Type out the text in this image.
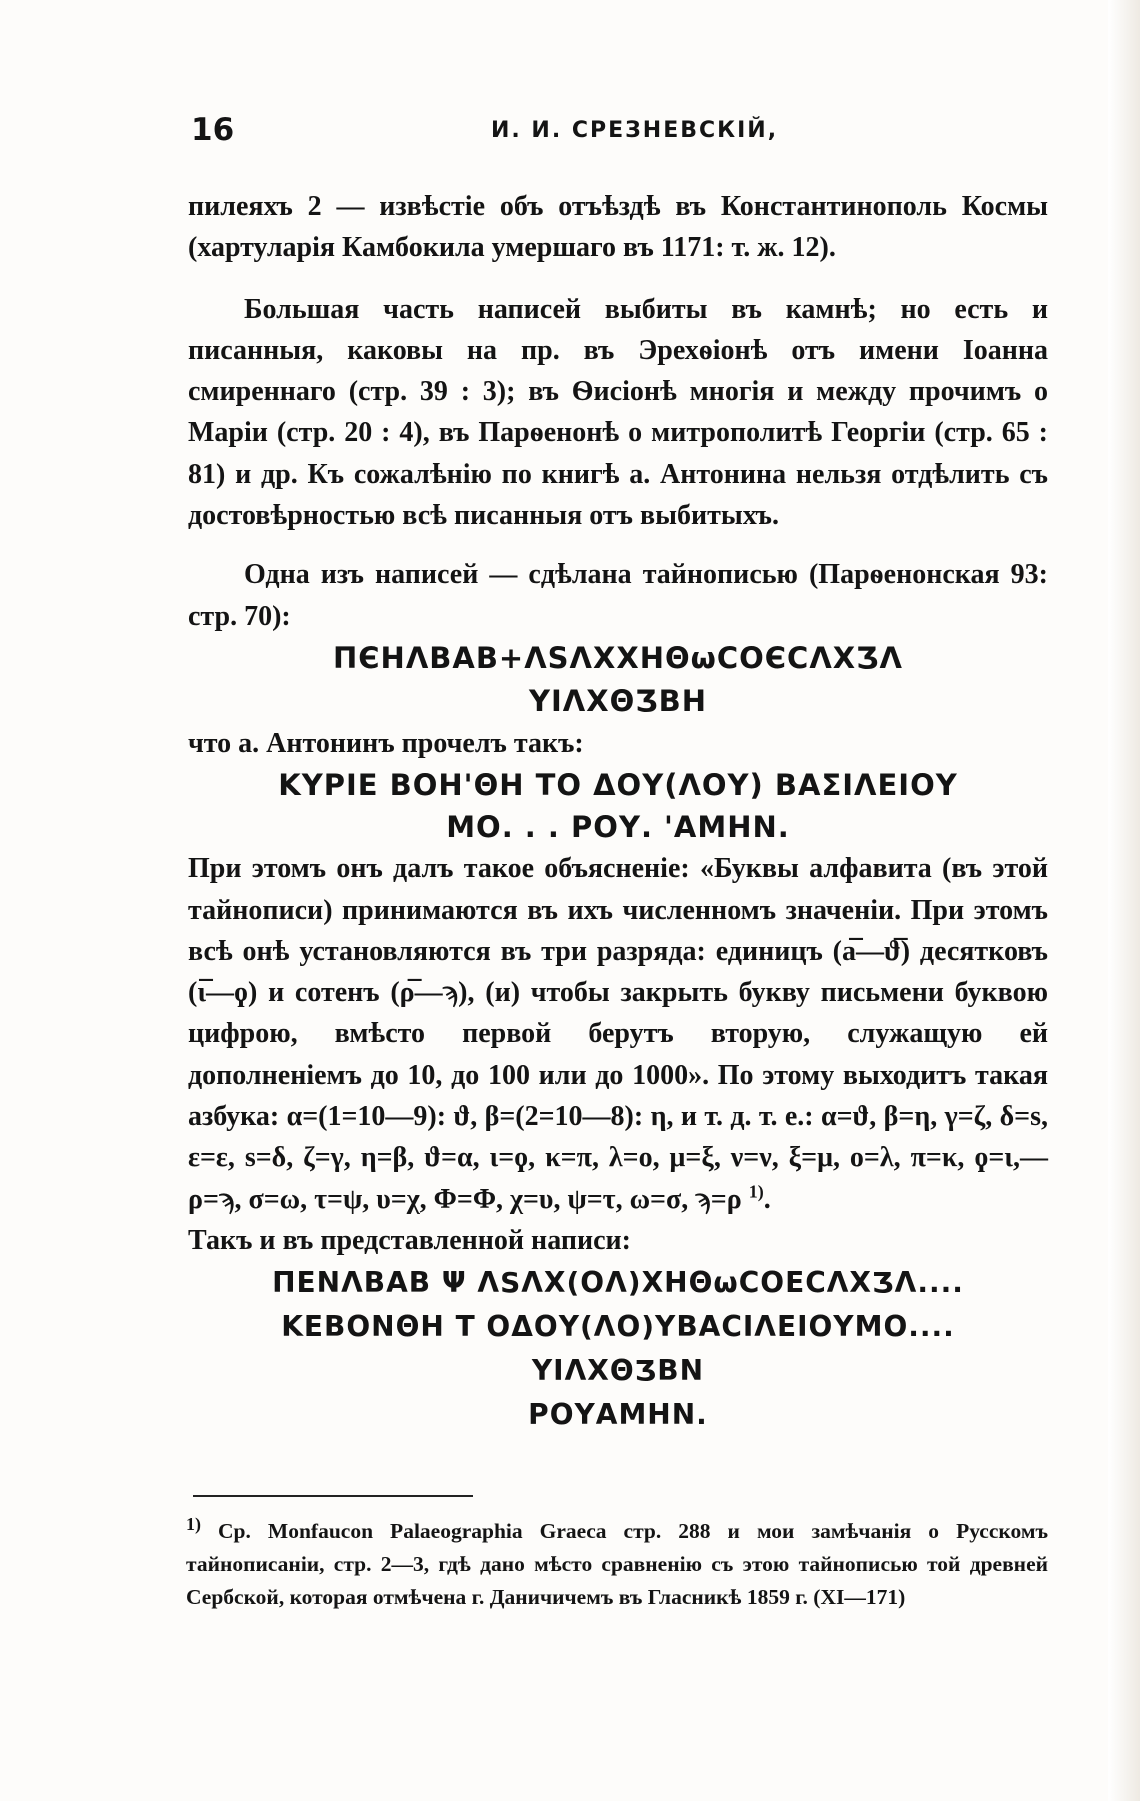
16	И. И. СРЕЗНЕВСКІЙ,

пилеяхъ 2 — извѣстіе объ отъѣздѣ въ Константинополь Космы (хартуларія Камбокила умершаго въ 1171: т. ж. 12).

Большая часть написей выбиты въ камнѣ; но есть и писанныя, каковы на пр. въ Эрехѳіонѣ отъ имени Іоанна смиреннаго (стр. 39 : 3); въ Ѳисіонѣ многія и между прочимъ о Маріи (стр. 20 : 4), въ Парѳенонѣ о митрополитѣ Георгіи (стр. 65 : 81) и др. Къ сожалѣнію по книгѣ а. Антонина нельзя отдѣлить съ достовѣрностью всѣ писанныя отъ выбитыхъ.

Одна изъ написей — сдѣлана тайнописью (Парѳенонская 93: стр. 70):

ПЄНΛВАВ+ΛЅΛХХНΘωϹΟЄϹΛХƷΛ
ΥΙΛХΘƷВН

что а. Антонинъ прочелъ такъ:

ΚΥΡΙΕ ΒΟΗ'ΘΗ ΤΟ ΔΟΥ(ΛΟΥ) ΒΑΣΙΛΕΙΟΥ
ΜΟ. . . ΡΟΥ. 'ΑΜΗΝ.

При этомъ онъ далъ такое объясненіе: «Буквы алфавита (въ этой тайнописи) принимаются въ ихъ численномъ значеніи. При этомъ всѣ онѣ установляются въ три разряда: единицъ (а̅—ϑ̅) десятковъ (ι̅—ϙ) и сотенъ (ρ̅—ϡ), (и) чтобы закрыть букву письмени буквою цифрою, вмѣсто первой берутъ вторую, служащую ей дополненіемъ до 10, до 100 или до 1000». По этому выходитъ такая азбука: α=(1=10—9): ϑ, β=(2=10—8): η, и т. д. т. е.: α=ϑ, β=η, γ=ζ, δ=ѕ, ε=ε, ѕ=δ, ζ=γ, η=β, ϑ=α, ι=ϙ, κ=π, λ=ο, μ=ξ, ν=ν, ξ=μ, ο=λ, π=κ, ϙ=ι,— ρ=ϡ, σ=ω, τ=ψ, υ=χ, Φ=Φ, χ=υ, ψ=τ, ω=σ, ϡ=ρ $^{1)}$.

Такъ и въ представленной написи:

ΠΕΝΛΒΑΒ Ψ ΛSΛΧ(ΟΛ)ΧΗΘωϹΟΕϹΛΧƷΛ....
ΚΕΒΟΝΘΗ Τ ΟΔΟΥ(ΛΟ)ΥΒΑϹΙΛΕΙΟΥΜΟ....
ΥΙΛΧΘƷΒΝ
ΡΟΥΑΜΗΝ.
$^{1)}$ Ср. Monfaucon Palaeographia Graeca стр. 288 и мои замѣчанія о Русскомъ тайнописаніи, стр. 2—3, гдѣ дано мѣсто сравненію съ этою тайнописью той древней Сербской, которая отмѣчена г. Даничичемъ въ Гласникѣ 1859 г. (XI—171)
